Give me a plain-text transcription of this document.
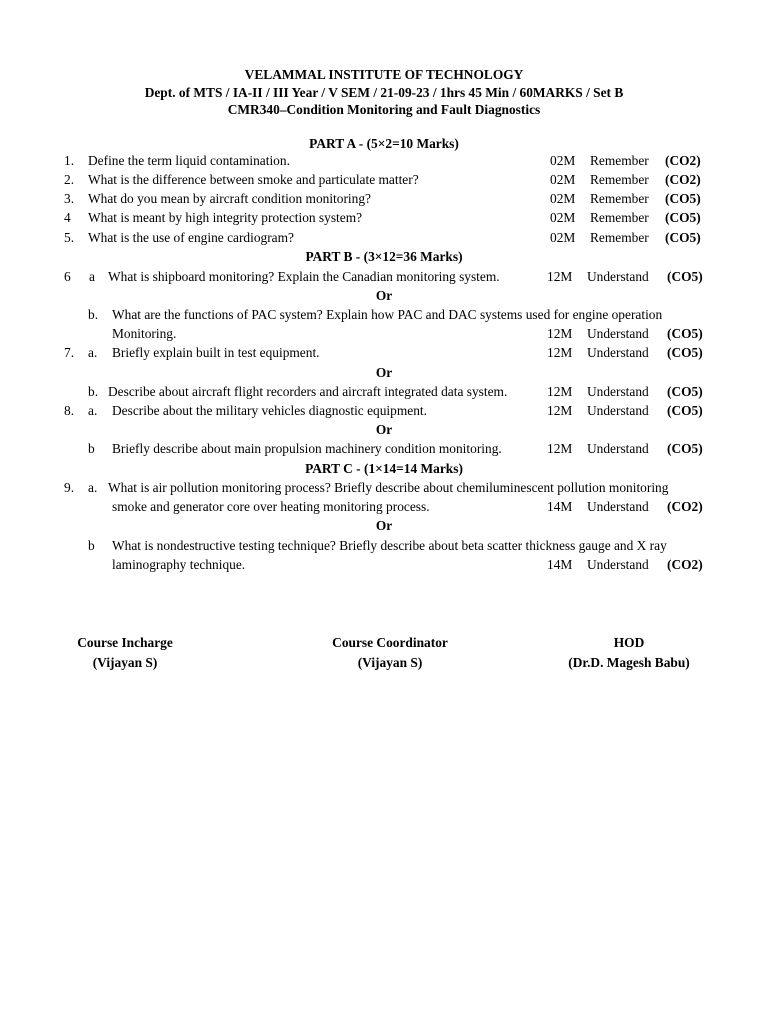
VELAMMAL INSTITUTE OF TECHNOLOGY
Dept. of MTS / IA-II / III Year / V SEM / 21-09-23 / 1hrs 45 Min / 60MARKS / Set B
CMR340–Condition Monitoring and Fault Diagnostics
PART A - (5×2=10 Marks)
1. Define the term liquid contamination.	02M Remember (CO2)
2. What is the difference between smoke and particulate matter?	02M Remember (CO2)
3. What do you mean by aircraft condition monitoring?	02M Remember (CO5)
4 What is meant by high integrity protection system?	02M Remember (CO5)
5. What is the use of engine cardiogram?	02M Remember (CO5)
PART B - (3×12=36 Marks)
6 a What is shipboard monitoring? Explain the Canadian monitoring system.	12M Understand (CO5)
Or
b. What are the functions of PAC system? Explain how PAC and DAC systems used for engine operation
Monitoring.	12M Understand (CO5)
7. a. Briefly explain built in test equipment.	12M Understand (CO5)
Or
b. Describe about aircraft flight recorders and aircraft integrated data system.	12M Understand (CO5)
8. a. Describe about the military vehicles diagnostic equipment.	12M Understand (CO5)
Or
b Briefly describe about main propulsion machinery condition monitoring.	12M Understand (CO5)
PART C - (1×14=14 Marks)
9. a. What is air pollution monitoring process? Briefly describe about chemiluminescent pollution monitoring
smoke and generator core over heating monitoring process.	14M Understand (CO2)
Or
b What is nondestructive testing technique? Briefly describe about beta scatter thickness gauge and X ray
laminography technique.	14M Understand (CO2)
Course Incharge
(Vijayan S)
Course Coordinator
(Vijayan S)
HOD
(Dr.D. Magesh Babu)
